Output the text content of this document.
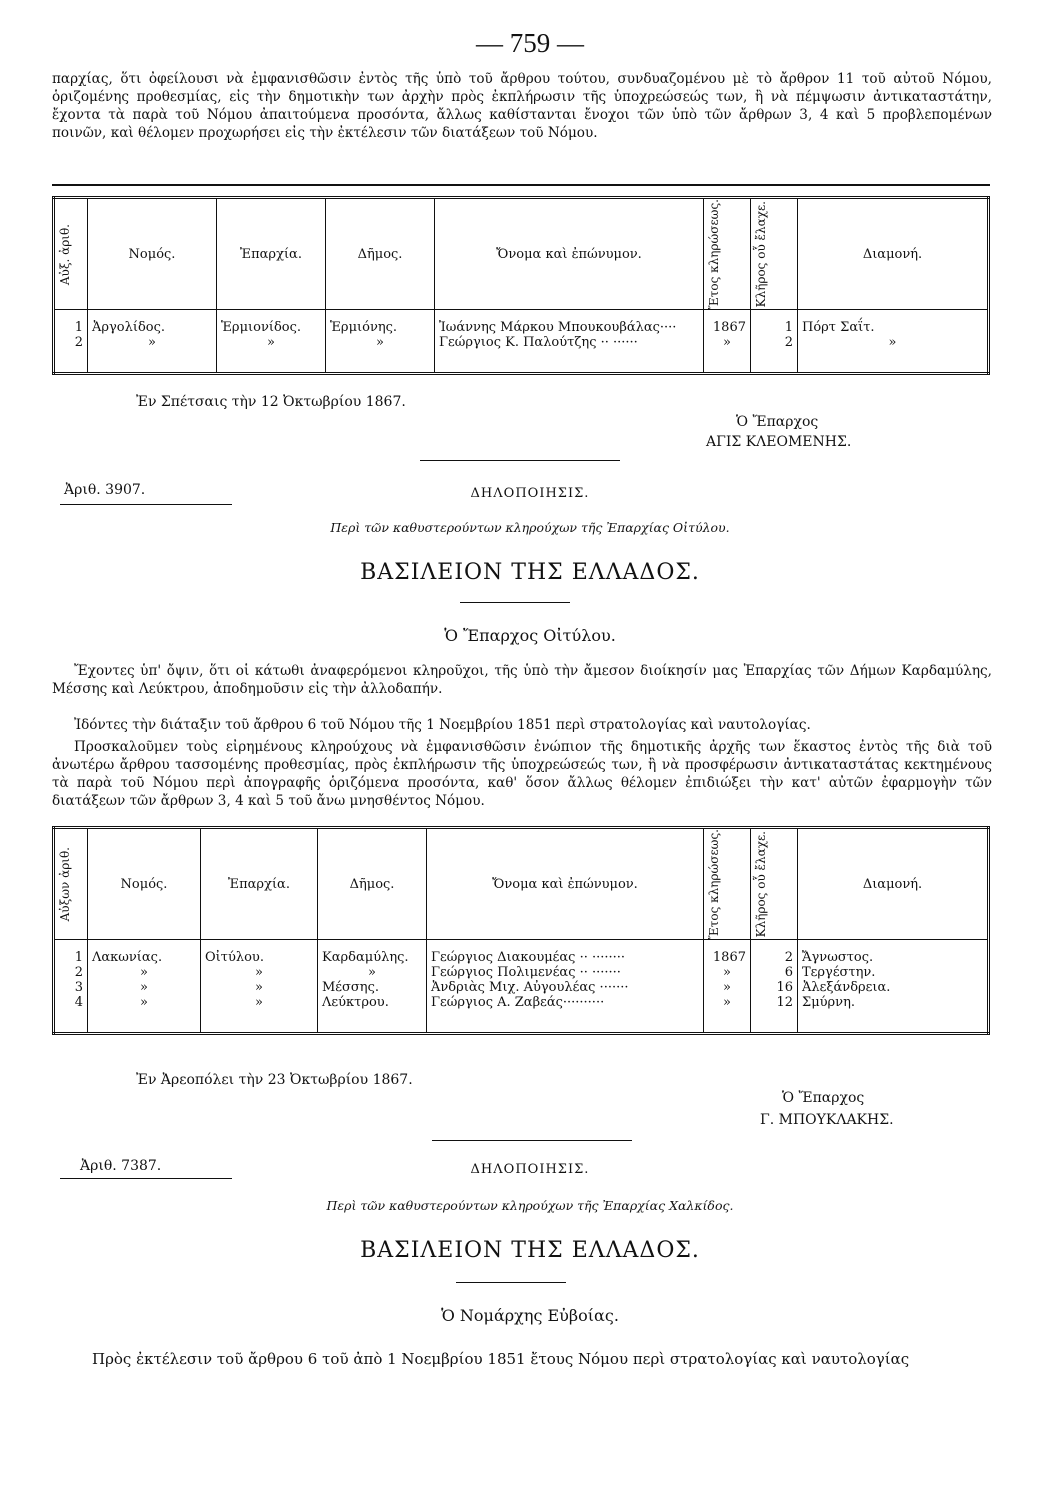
— 759 —
παρχίας, ὅτι ὀφείλουσι νὰ ἐμφανισθῶσιν ἐντὸς τῆς ὑπὸ τοῦ ἄρθρου τούτου, συνδυαζομένου μὲ τὸ ἄρθρον 11 τοῦ αὐτοῦ Νόμου, ὁριζομένης προθεσμίας, εἰς τὴν δημοτικὴν των ἀρχὴν πρὸς ἐκπλήρωσιν τῆς ὑποχρεώσεώς των, ἢ νὰ πέμψωσιν ἀντικαταστάτην, ἔχοντα τὰ παρὰ τοῦ Νόμου ἀπαιτούμενα προσόντα, ἄλλως καθίστανται ἔνοχοι τῶν ὑπὸ τῶν ἄρθρων 3, 4 καὶ 5 προβλεπομένων ποινῶν, καὶ θέλομεν προχωρήσει εἰς τὴν ἐκτέλεσιν τῶν διατάξεων τοῦ Νόμου.
Αὐξ. ἀριθ.	Νομός.	Ἐπαρχία.	Δῆμος.	Ὄνομα καὶ ἐπώνυμον.	Ἔτος κληρώσεως.	Κλῆρος οὗ ἔλαχε.	Διαμονή.
1	Ἀργολίδος.	Ἑρμιονίδος.	Ἑρμιόνης.	Ἰωάννης Μάρκου Μπουκουβάλας····	1867	1	Πόρτ Σαΐτ.
2	»	»	»	Γεώργιος Κ. Παλούτζης ·· ······	»	2	»
Ἐν Σπέτσαις τὴν 12 Ὀκτωβρίου 1867.
Ὁ Ἔπαρχος
ΑΓΙΣ ΚΛΕΟΜΕΝΗΣ.
Ἀριθ. 3907.	ΔΗΛΟΠΟΙΗΣΙΣ.
Περὶ τῶν καθυστερούντων κληρούχων τῆς Ἐπαρχίας Οἰτύλου.
ΒΑΣΙΛΕΙΟΝ ΤΗΣ ΕΛΛΑΔΟΣ.
Ὁ Ἔπαρχος Οἰτύλου.
Ἔχοντες ὑπ' ὄψιν, ὅτι οἱ κάτωθι ἀναφερόμενοι κληροῦχοι, τῆς ὑπὸ τὴν ἄμεσον διοίκησίν μας Ἐπαρχίας τῶν Δήμων Καρδαμύλης, Μέσσης καὶ Λεύκτρου, ἀποδημοῦσιν εἰς τὴν ἀλλοδαπήν.
Ἰδόντες τὴν διάταξιν τοῦ ἄρθρου 6 τοῦ Νόμου τῆς 1 Νοεμβρίου 1851 περὶ στρατολογίας καὶ ναυτολογίας.
Προσκαλοῦμεν τοὺς εἰρημένους κληρούχους νὰ ἐμφανισθῶσιν ἐνώπιον τῆς δημοτικῆς ἀρχῆς των ἕκαστος ἐντὸς τῆς διὰ τοῦ ἀνωτέρω ἄρθρου τασσομένης προθεσμίας, πρὸς ἐκπλήρωσιν τῆς ὑποχρεώσεώς των, ἢ νὰ προσφέρωσιν ἀντικαταστάτας κεκτημένους τὰ παρὰ τοῦ Νόμου περὶ ἀπογραφῆς ὁριζόμενα προσόντα, καθ' ὅσον ἄλλως θέλομεν ἐπιδιώξει τὴν κατ' αὐτῶν ἐφαρμογὴν τῶν διατάξεων τῶν ἄρθρων 3, 4 καὶ 5 τοῦ ἄνω μνησθέντος Νόμου.
Αὐξων ἀριθ.	Νομός.	Ἐπαρχία.	Δῆμος.	Ὄνομα καὶ ἐπώνυμον.	Ἔτος κληρώσεως.	Κλῆρος οὗ ἔλαχε.	Διαμονή.
1	Λακωνίας.	Οἰτύλου.	Καρδαμύλης.	Γεώργιος Διακουμέας ·· ········	1867	2	Ἄγνωστος.
2	»	»	»	Γεώργιος Πολιμενέας ·· ·······	»	6	Τεργέστην.
3	»	»	Μέσσης.	Ἀνδριὰς Μιχ. Αὐγουλέας ·······	»	16	Ἀλεξάνδρεια.
4	»	»	Λεύκτρου.	Γεώργιος Α. Ζαβεάς··········	»	12	Σμύρνη.
Ἐν Ἀρεοπόλει τὴν 23 Ὀκτωβρίου 1867.
Ὁ Ἔπαρχος
Γ. ΜΠΟΥΚΛΑΚΗΣ.
Ἀριθ. 7387.	ΔΗΛΟΠΟΙΗΣΙΣ.
Περὶ τῶν καθυστερούντων κληρούχων τῆς Ἐπαρχίας Χαλκίδος.
ΒΑΣΙΛΕΙΟΝ ΤΗΣ ΕΛΛΑΔΟΣ.
Ὁ Νομάρχης Εὐβοίας.
Πρὸς ἐκτέλεσιν τοῦ ἄρθρου 6 τοῦ ἀπὸ 1 Νοεμβρίου 1851 ἔτους Νόμου περὶ στρατολογίας καὶ ναυτολογίας
